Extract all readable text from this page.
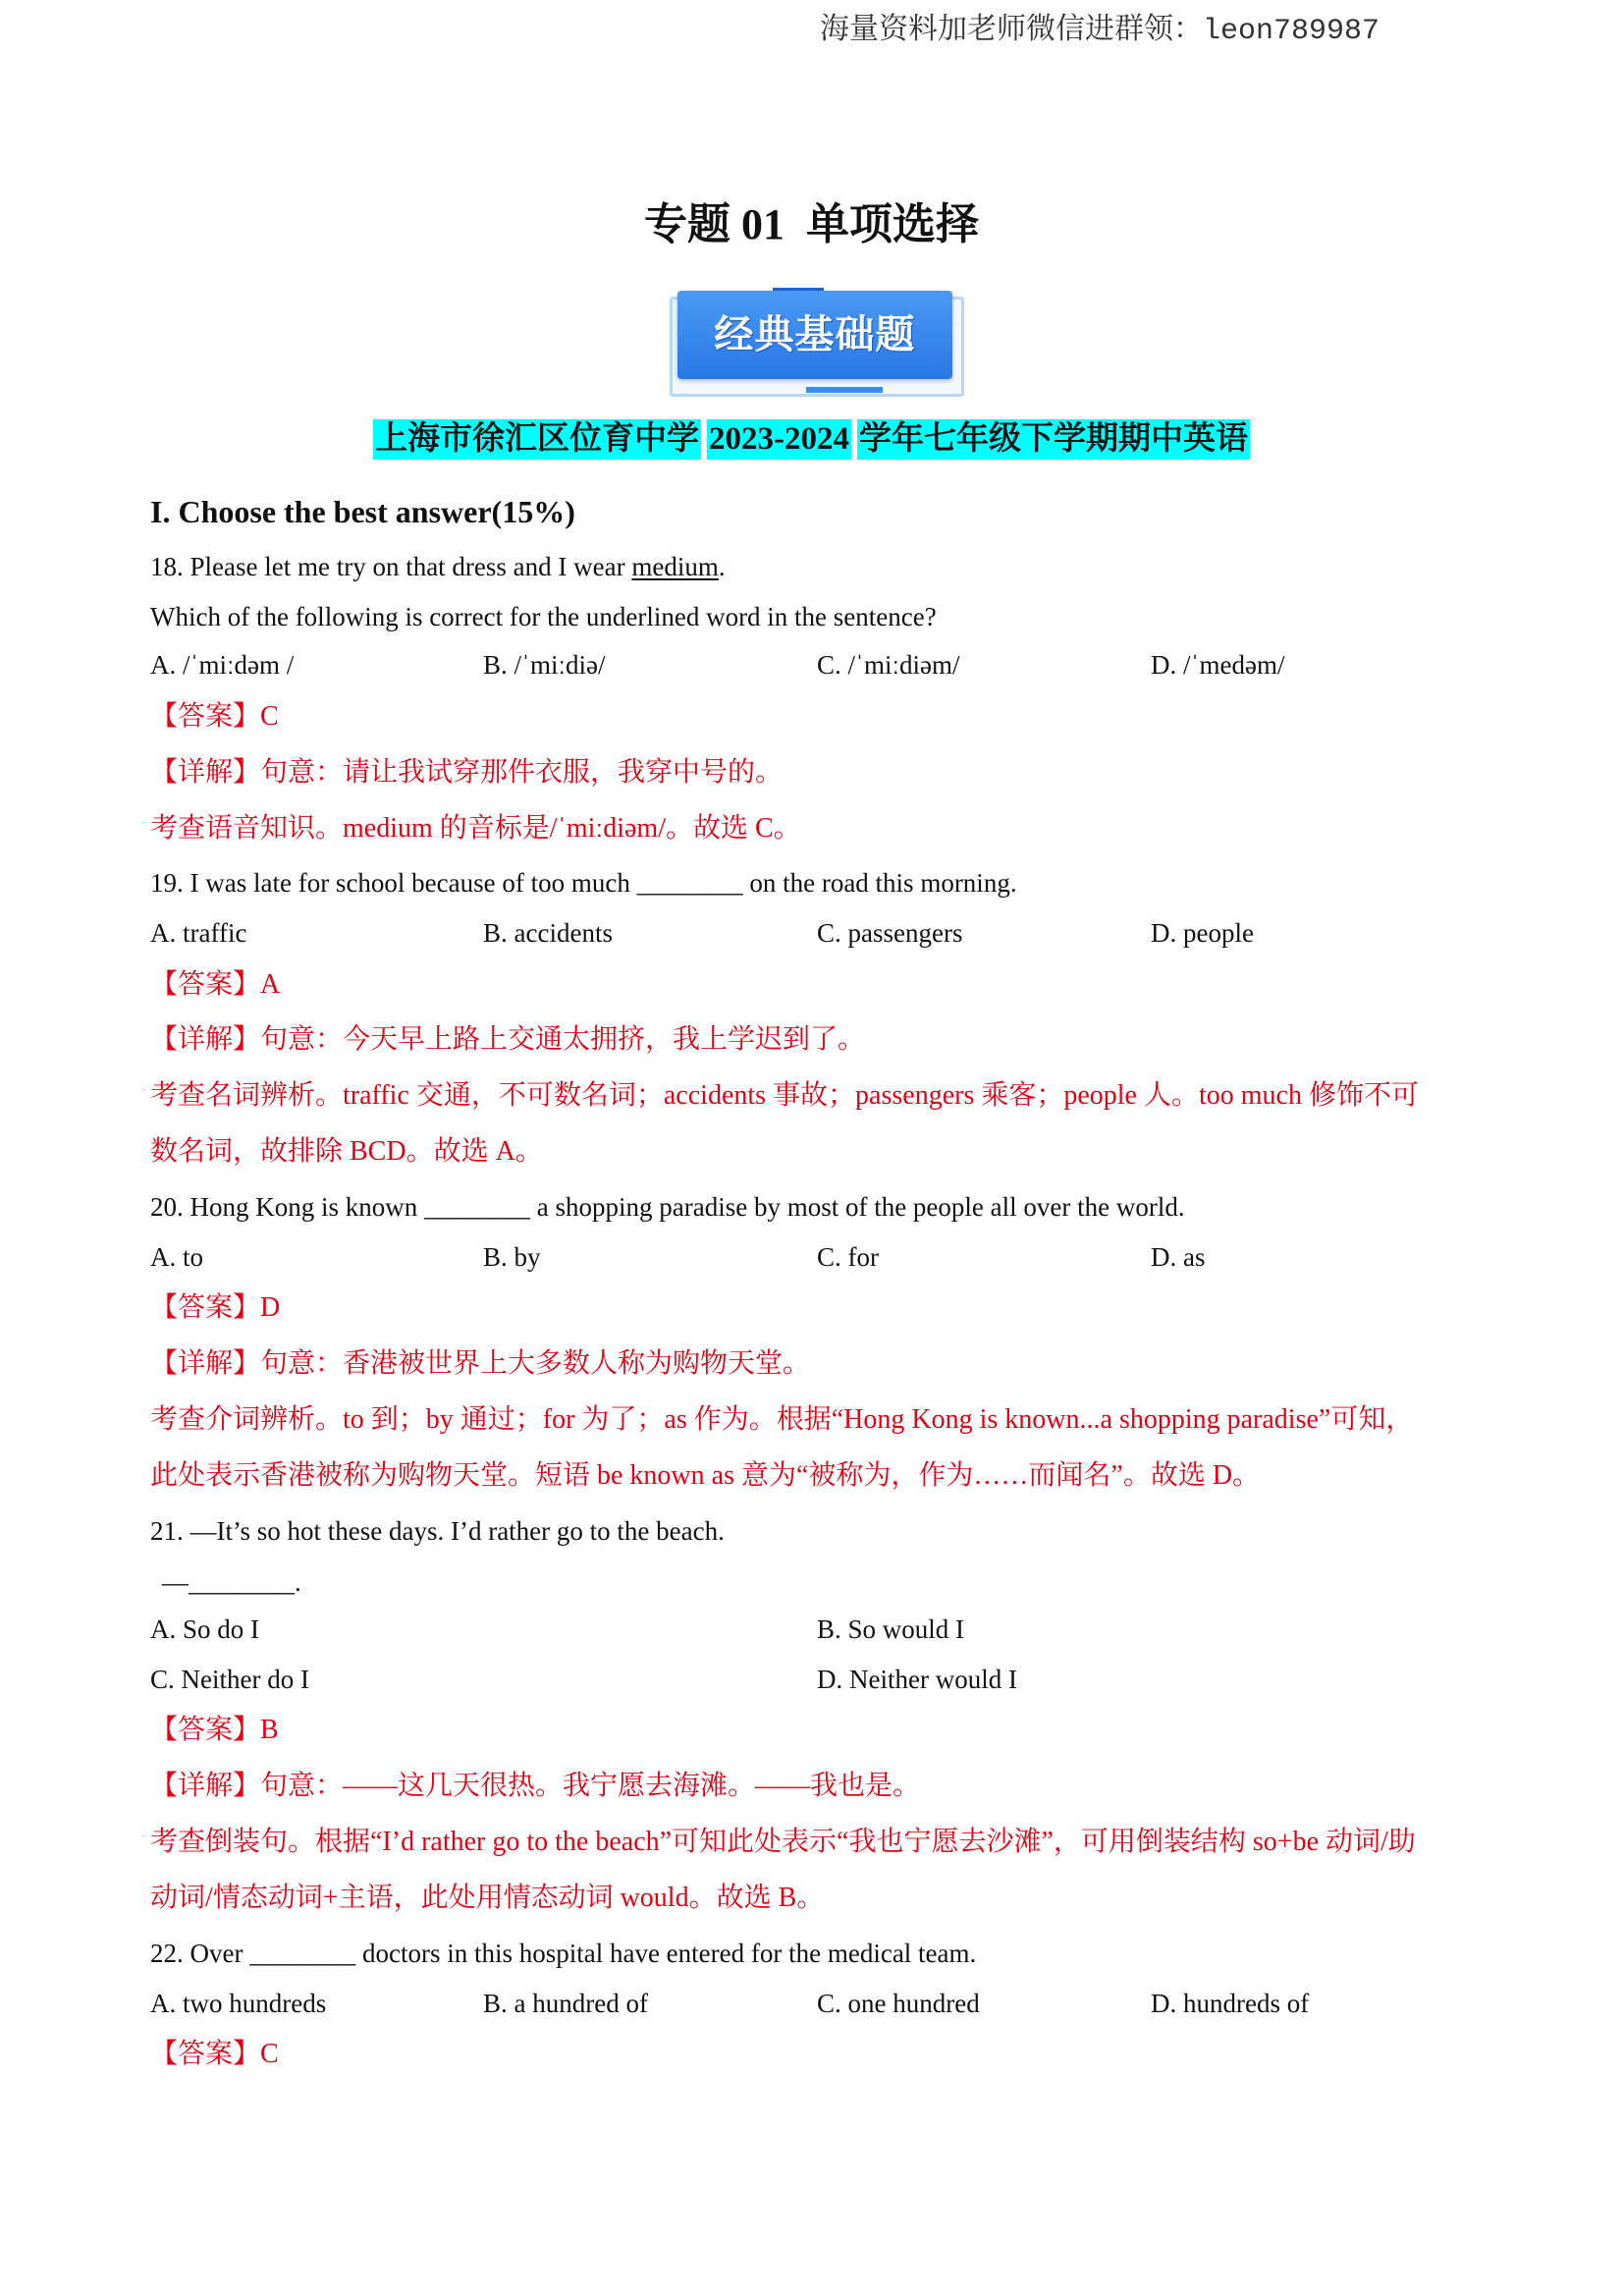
海量资料加老师微信进群领：leon789987
专题 01  单项选择
经典基础题
上海市徐汇区位育中学 2023-2024 学年七年级下学期期中英语
I. Choose the best answer(15%)
18. Please let me try on that dress and I wear medium.
Which of the following is correct for the underlined word in the sentence?
A. /ˈmiːdəm /	B. /ˈmiːdiə/	C. /ˈmiːdiəm/	D. /ˈmedəm/
【答案】C
【详解】句意：请让我试穿那件衣服，我穿中号的。
考查语音知识。medium 的音标是/ˈmiːdiəm/。故选 C。
19. I was late for school because of too much ________ on the road this morning.
A. traffic	B. accidents	C. passengers	D. people
【答案】A
【详解】句意：今天早上路上交通太拥挤，我上学迟到了。
考查名词辨析。traffic 交通，不可数名词；accidents 事故；passengers 乘客；people 人。too much 修饰不可
数名词，故排除 BCD。故选 A。
20. Hong Kong is known ________ a shopping paradise by most of the people all over the world.
A. to	B. by	C. for	D. as
【答案】D
【详解】句意：香港被世界上大多数人称为购物天堂。
考查介词辨析。to 到；by 通过；for 为了；as 作为。根据“Hong Kong is known...a shopping paradise”可知，
此处表示香港被称为购物天堂。短语 be known as 意为“被称为，作为……而闻名”。故选 D。
21. —It’s so hot these days. I’d rather go to the beach.
—________.
A. So do I	B. So would I
C. Neither do I	D. Neither would I
【答案】B
【详解】句意：——这几天很热。我宁愿去海滩。——我也是。
考查倒装句。根据“I’d rather go to the beach”可知此处表示“我也宁愿去沙滩”，可用倒装结构 so+be 动词/助
动词/情态动词+主语，此处用情态动词 would。故选 B。
22. Over ________ doctors in this hospital have entered for the medical team.
A. two hundreds	B. a hundred of	C. one hundred	D. hundreds of
【答案】C
